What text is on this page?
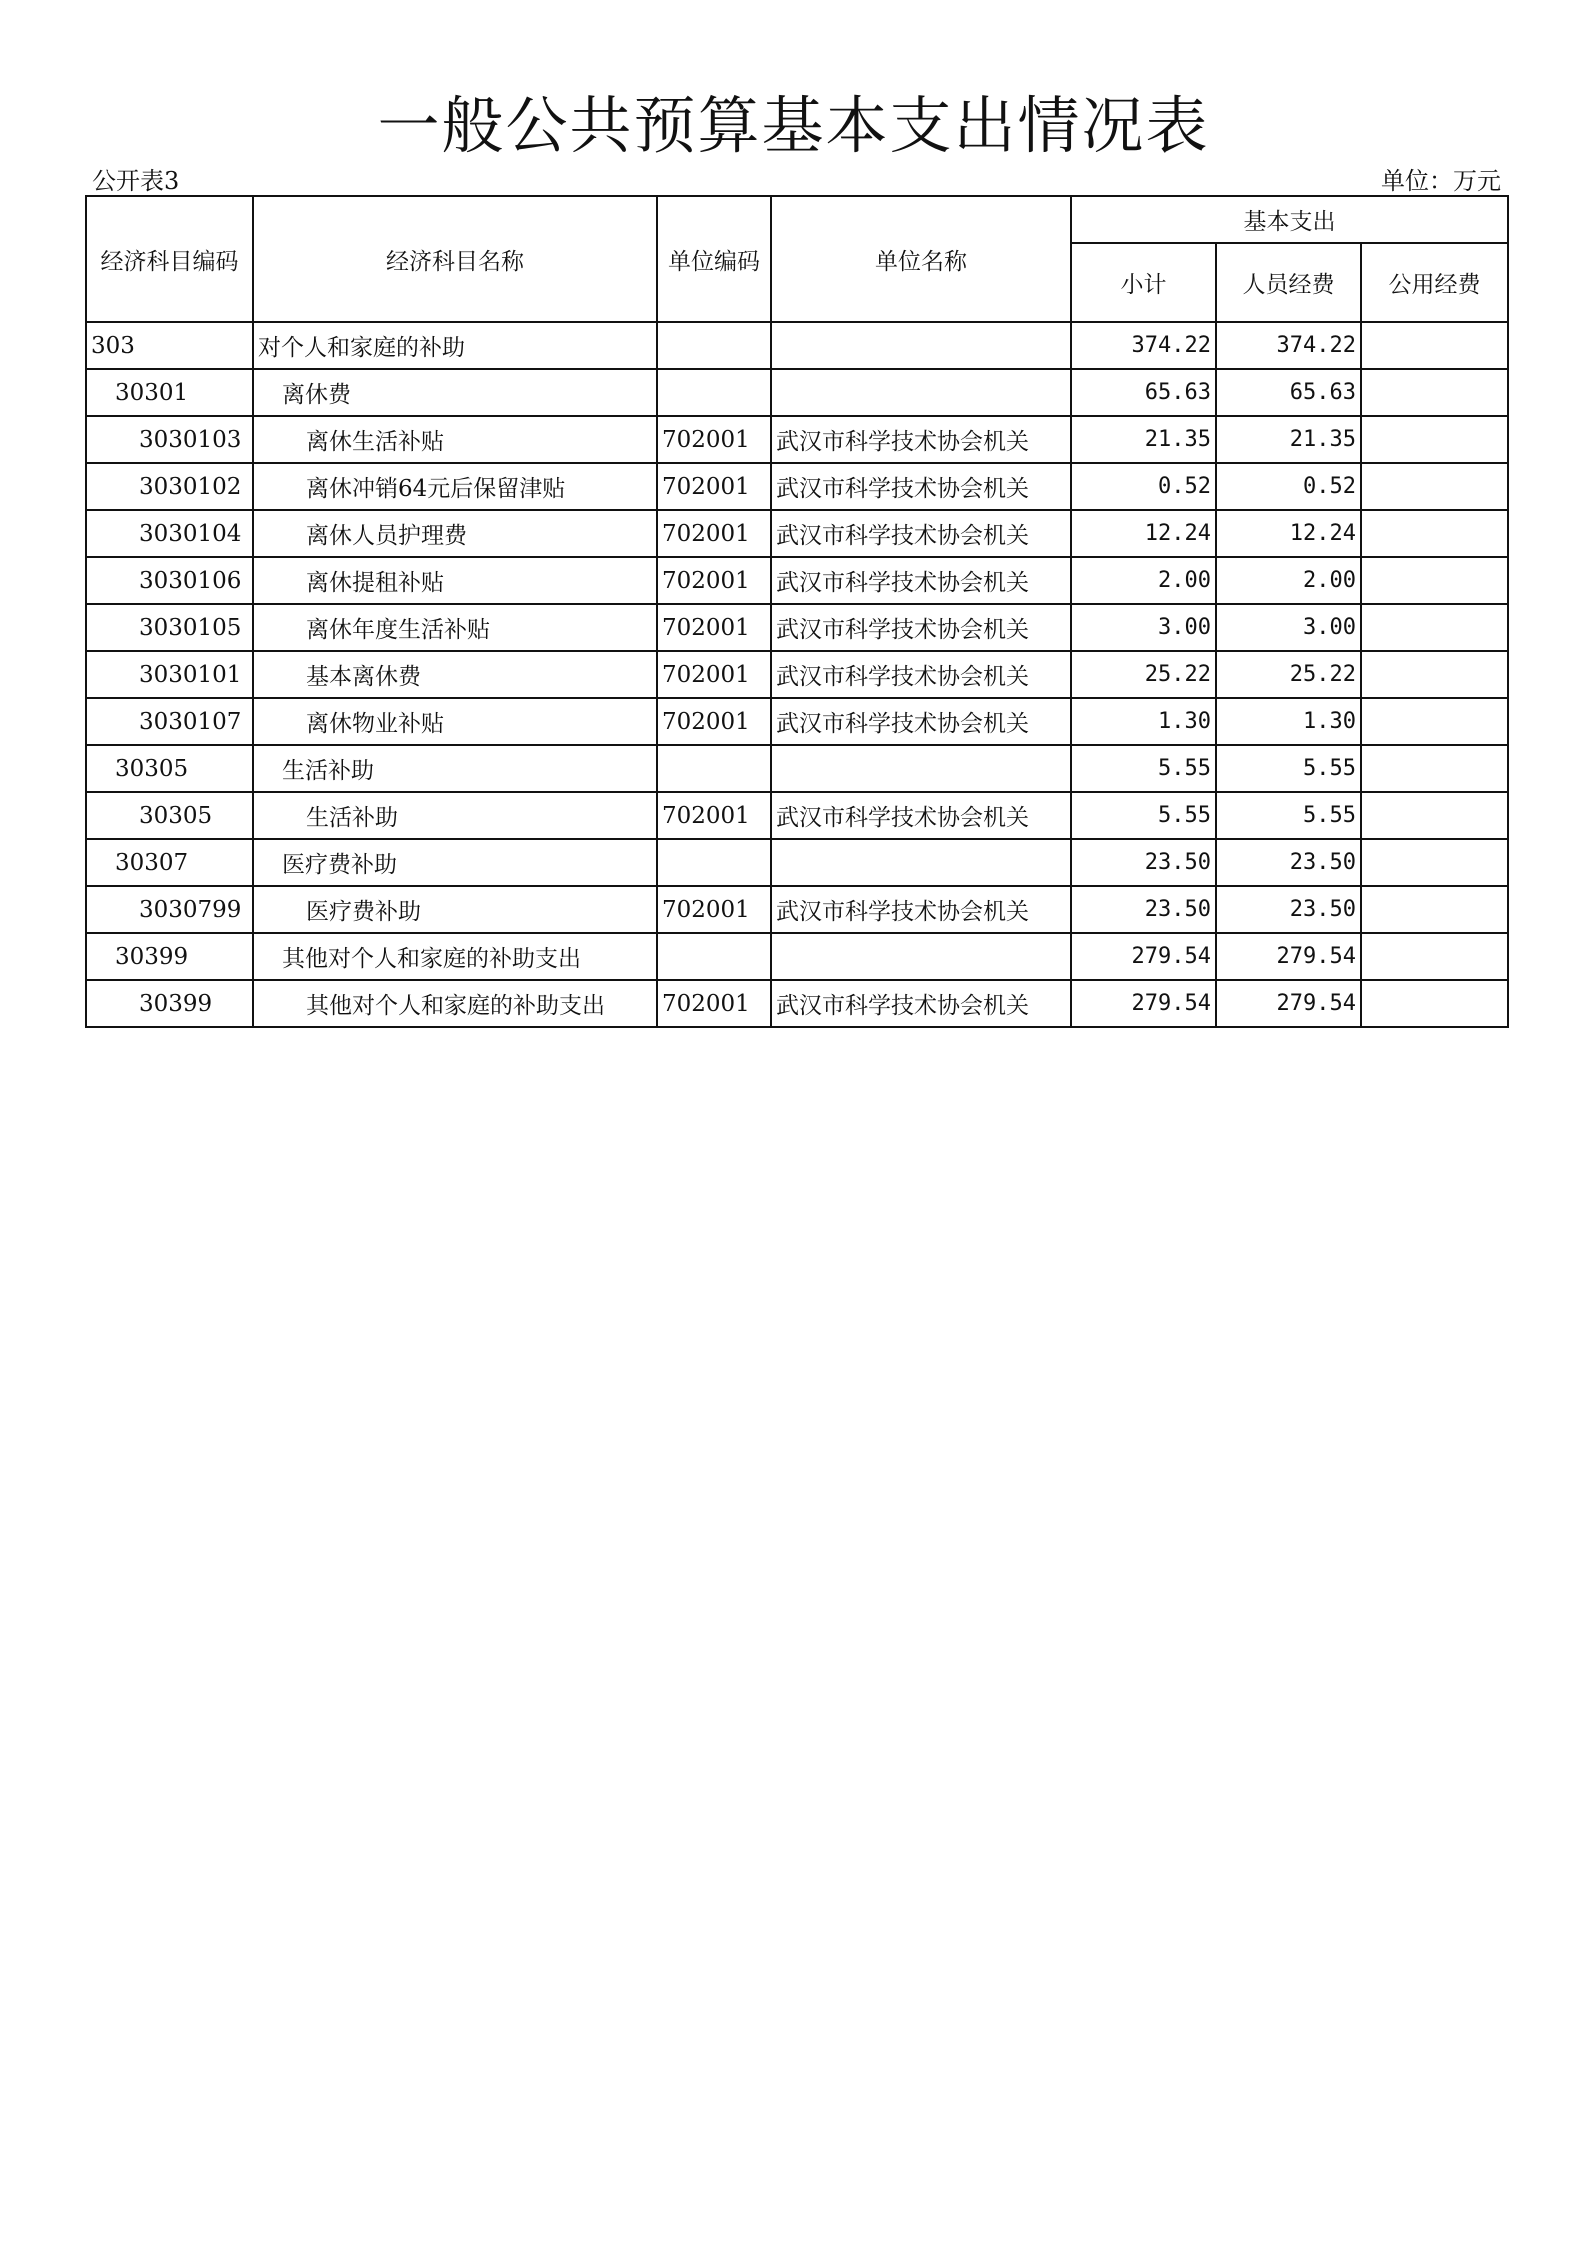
一般公共预算基本支出情况表
公开表3	单位：万元
经济科目编码	经济科目名称	单位编码	单位名称	基本支出		
				小计	人员经费	公用经费
303	对个人和家庭的补助			374.22	374.22	
30301	离休费			65.63	65.63	
3030103	离休生活补贴	702001	武汉市科学技术协会机关	21.35	21.35	
3030102	离休冲销64元后保留津贴	702001	武汉市科学技术协会机关	0.52	0.52	
3030104	离休人员护理费	702001	武汉市科学技术协会机关	12.24	12.24	
3030106	离休提租补贴	702001	武汉市科学技术协会机关	2.00	2.00	
3030105	离休年度生活补贴	702001	武汉市科学技术协会机关	3.00	3.00	
3030101	基本离休费	702001	武汉市科学技术协会机关	25.22	25.22	
3030107	离休物业补贴	702001	武汉市科学技术协会机关	1.30	1.30	
30305	生活补助			5.55	5.55	
30305	生活补助	702001	武汉市科学技术协会机关	5.55	5.55	
30307	医疗费补助			23.50	23.50	
3030799	医疗费补助	702001	武汉市科学技术协会机关	23.50	23.50	
30399	其他对个人和家庭的补助支出			279.54	279.54	
30399	其他对个人和家庭的补助支出	702001	武汉市科学技术协会机关	279.54	279.54	
